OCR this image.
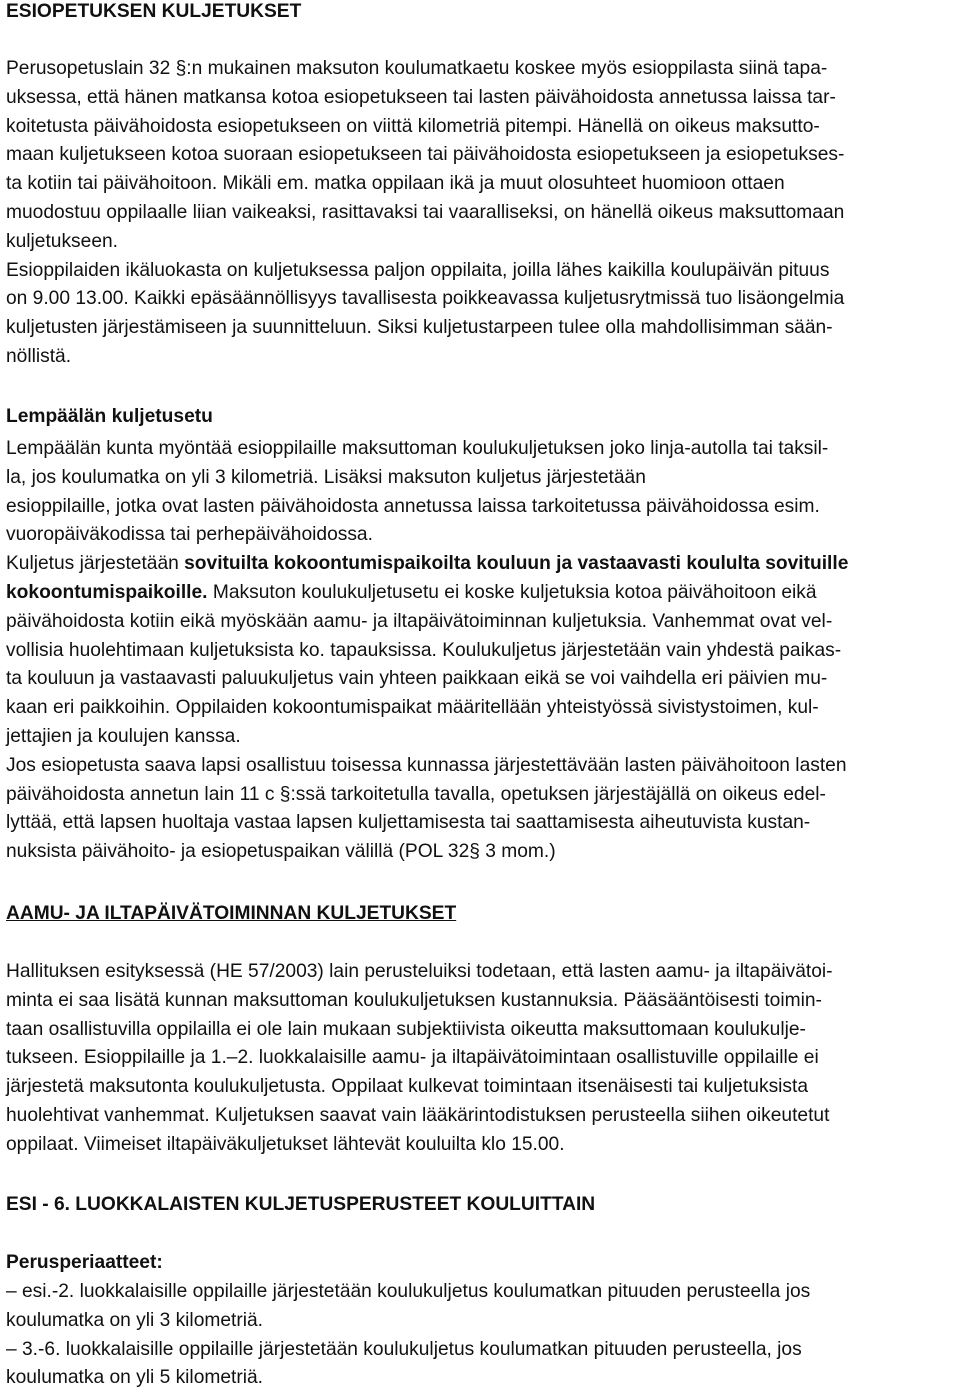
ESIOPETUKSEN KULJETUKSET
Perusopetuslain 32 §:n mukainen maksuton koulumatkaetu koskee myös esioppilasta siinä tapa-
uksessa, että hänen matkansa kotoa esiopetukseen tai lasten päivähoidosta annetussa laissa tar-
koitetusta päivähoidosta esiopetukseen on viittä kilometriä pitempi. Hänellä on oikeus maksutto-
maan kuljetukseen kotoa suoraan esiopetukseen tai päivähoidosta esiopetukseen ja esiopetukses-
ta kotiin tai päivähoitoon. Mikäli em. matka oppilaan ikä ja muut olosuhteet huomioon ottaen
muodostuu oppilaalle liian vaikeaksi, rasittavaksi tai vaaralliseksi, on hänellä oikeus maksuttomaan
kuljetukseen.
Esioppilaiden ikäluokasta on kuljetuksessa paljon oppilaita, joilla lähes kaikilla koulupäivän pituus
on 9.00 13.00. Kaikki epäsäännöllisyys tavallisesta poikkeavassa kuljetusrytmissä tuo lisäongelmia
kuljetusten järjestämiseen ja suunnitteluun. Siksi kuljetustarpeen tulee olla mahdollisimman sään-
nöllistä.
Lempäälän kuljetusetu
Lempäälän kunta myöntää esioppilaille maksuttoman koulukuljetuksen joko linja-autolla tai taksil-
la, jos koulumatka on yli 3 kilometriä. Lisäksi maksuton kuljetus järjestetään
esioppilaille, jotka ovat lasten päivähoidosta annetussa laissa tarkoitetussa päivähoidossa esim.
vuoropäiväkodissa tai perhepäivähoidossa.
Kuljetus järjestetään sovituilta kokoontumispaikoilta kouluun ja vastaavasti koululta sovituille
kokoontumispaikoille. Maksuton koulukuljetusetu ei koske kuljetuksia kotoa päivähoitoon eikä
päivähoidosta kotiin eikä myöskään aamu- ja iltapäivätoiminnan kuljetuksia. Vanhemmat ovat vel-
vollisia huolehtimaan kuljetuksista ko. tapauksissa. Koulukuljetus järjestetään vain yhdestä paikas-
ta kouluun ja vastaavasti paluukuljetus vain yhteen paikkaan eikä se voi vaihdella eri päivien mu-
kaan eri paikkoihin. Oppilaiden kokoontumispaikat määritellään yhteistyössä sivistystoimen, kul-
jettajien ja koulujen kanssa.
Jos esiopetusta saava lapsi osallistuu toisessa kunnassa järjestettävään lasten päivähoitoon lasten
päivähoidosta annetun lain 11 c §:ssä tarkoitetulla tavalla, opetuksen järjestäjällä on oikeus edel-
lyttää, että lapsen huoltaja vastaa lapsen kuljettamisesta tai saattamisesta aiheutuvista kustan-
nuksista päivähoito- ja esiopetuspaikan välillä (POL 32§ 3 mom.)
AAMU- JA ILTAPÄIVÄTOIMINNAN KULJETUKSET
Hallituksen esityksessä (HE 57/2003) lain perusteluiksi todetaan, että lasten aamu- ja iltapäivätoi-
minta ei saa lisätä kunnan maksuttoman koulukuljetuksen kustannuksia. Pääsääntöisesti toimin-
taan osallistuvilla oppilailla ei ole lain mukaan subjektiivista oikeutta maksuttomaan koulukulje-
tukseen. Esioppilaille ja 1.–2. luokkalaisille aamu- ja iltapäivätoimintaan osallistuville oppilaille ei
järjestetä maksutonta koulukuljetusta. Oppilaat kulkevat toimintaan itsenäisesti tai kuljetuksista
huolehtivat vanhemmat. Kuljetuksen saavat vain lääkärintodistuksen perusteella siihen oikeutetut
oppilaat. Viimeiset iltapäiväkuljetukset lähtevät kouluilta klo 15.00.
ESI - 6. LUOKKALAISTEN KULJETUSPERUSTEET KOULUITTAIN
Perusperiaatteet:
– esi.-2. luokkalaisille oppilaille järjestetään koulukuljetus koulumatkan pituuden perusteella jos
koulumatka on yli 3 kilometriä.
– 3.-6. luokkalaisille oppilaille järjestetään koulukuljetus koulumatkan pituuden perusteella, jos
koulumatka on yli 5 kilometriä.
